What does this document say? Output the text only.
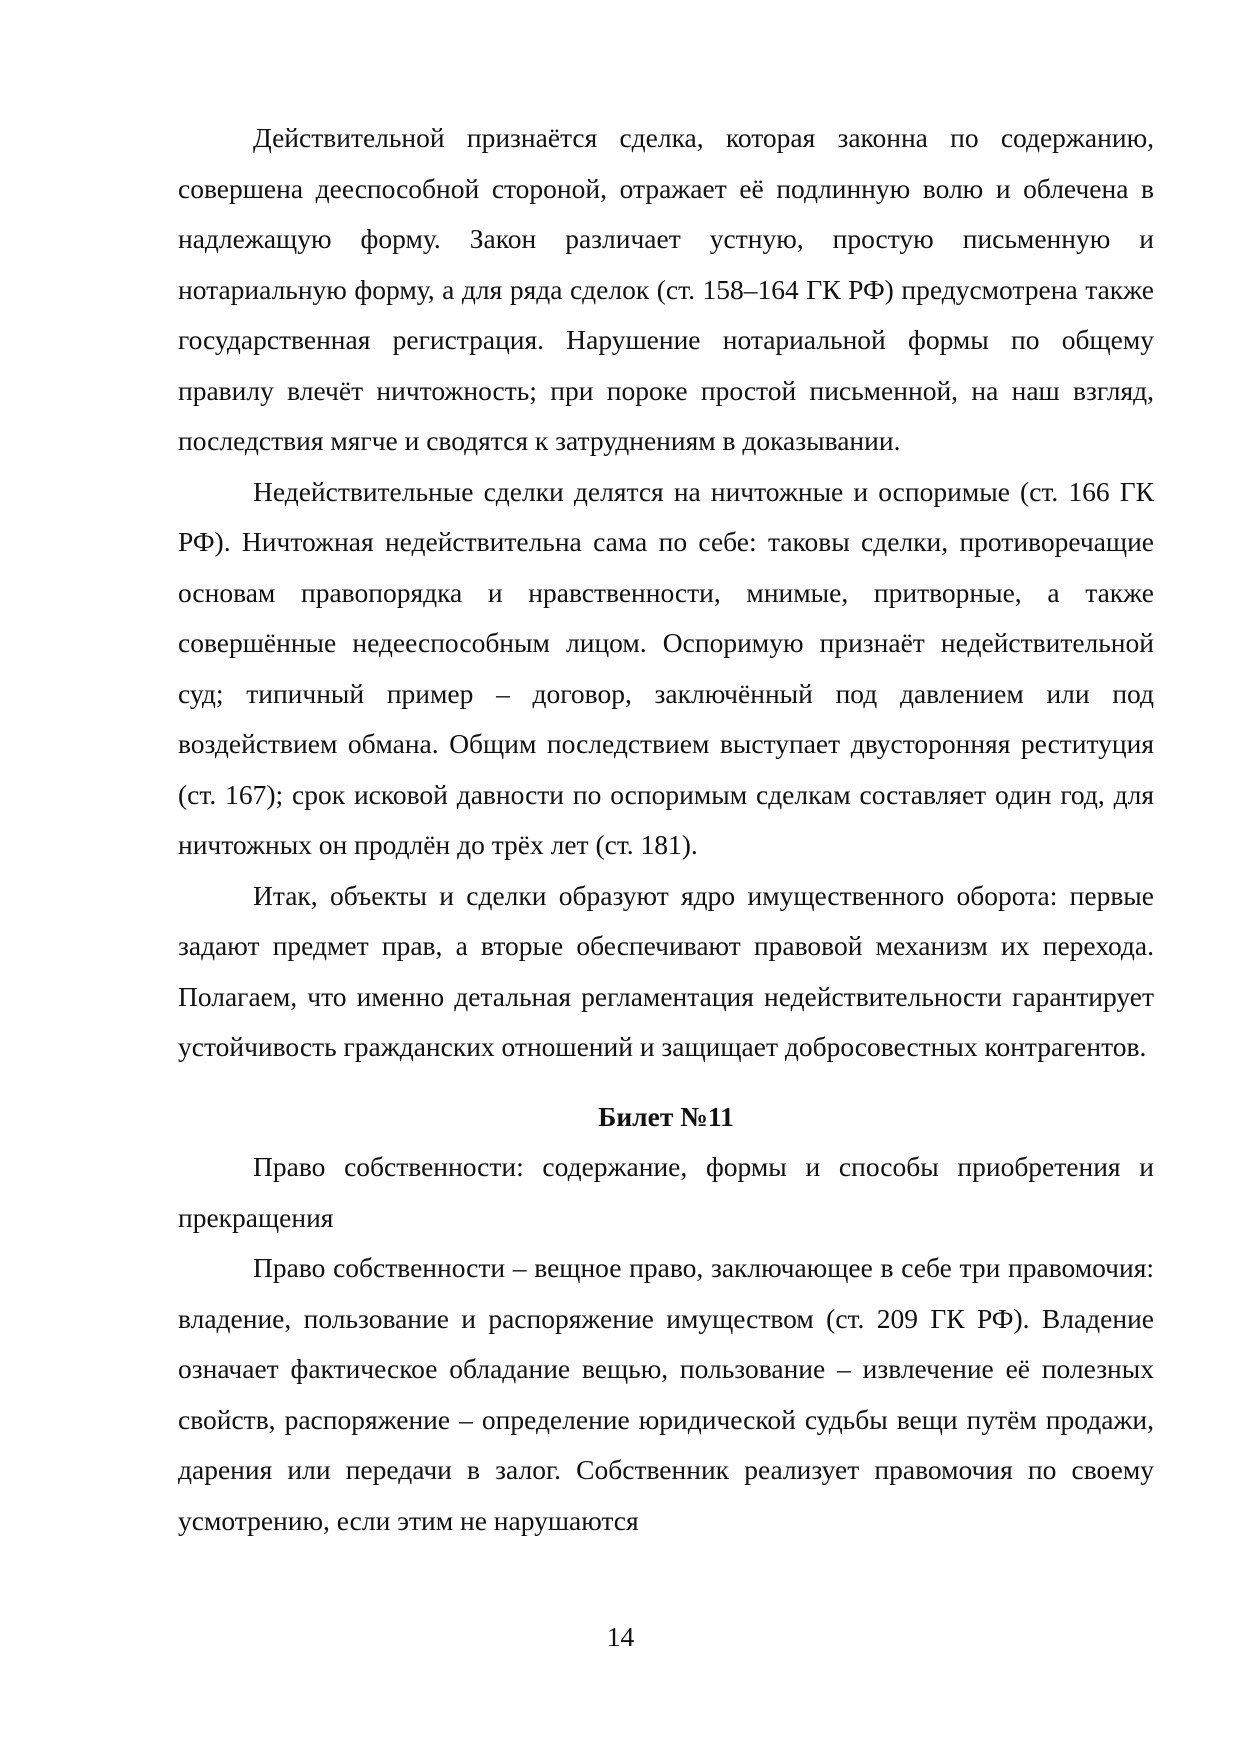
Действительной признаётся сделка, которая законна по содержанию, совершена дееспособной стороной, отражает её подлинную волю и облечена в надлежащую форму. Закон различает устную, простую письменную и нотариальную форму, а для ряда сделок (ст. 158–164 ГК РФ) предусмотрена также государственная регистрация. Нарушение нотариальной формы по общему правилу влечёт ничтожность; при пороке простой письменной, на наш взгляд, последствия мягче и сводятся к затруднениям в доказывании.

Недействительные сделки делятся на ничтожные и оспоримые (ст. 166 ГК РФ). Ничтожная недействительна сама по себе: таковы сделки, противоречащие основам правопорядка и нравственности, мнимые, притворные, а также совершённые недееспособным лицом. Оспоримую признаёт недействительной суд; типичный пример – договор, заключённый под давлением или под воздействием обмана. Общим последствием выступает двусторонняя реституция (ст. 167); срок исковой давности по оспоримым сделкам составляет один год, для ничтожных он продлён до трёх лет (ст. 181).

Итак, объекты и сделки образуют ядро имущественного оборота: первые задают предмет прав, а вторые обеспечивают правовой механизм их перехода. Полагаем, что именно детальная регламентация недействительности гарантирует устойчивость гражданских отношений и защищает добросовестных контрагентов.

Билет №11

Право собственности: содержание, формы и способы приобретения и прекращения

Право собственности – вещное право, заключающее в себе три правомочия: владение, пользование и распоряжение имуществом (ст. 209 ГК РФ). Владение означает фактическое обладание вещью, пользование – извлечение её полезных свойств, распоряжение – определение юридической судьбы вещи путём продажи, дарения или передачи в залог. Собственник реализует правомочия по своему усмотрению, если этим не нарушаются

14
